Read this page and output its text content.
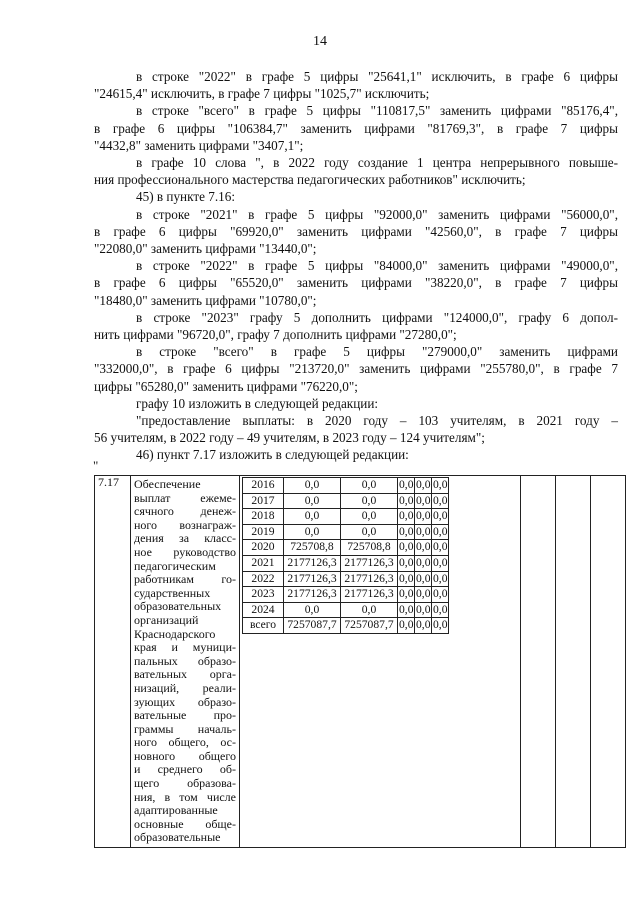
14

в строке "2022" в графе 5 цифры "25641,1" исключить, в графе 6 цифры

"24615,4" исключить, в графе 7 цифры "1025,7" исключить;

в строке "всего" в графе 5 цифры "110817,5" заменить цифрами "85176,4",

в графе 6 цифры "106384,7" заменить цифрами "81769,3", в графе 7 цифры

"4432,8" заменить цифрами "3407,1";

в графе 10 слова ", в 2022 году создание 1 центра непрерывного повыше-

ния профессионального мастерства педагогических работников" исключить;

45) в пункте 7.16:

в строке "2021" в графе 5 цифры "92000,0" заменить цифрами "56000,0",

в графе 6 цифры "69920,0" заменить цифрами "42560,0", в графе 7 цифры

"22080,0" заменить цифрами "13440,0";

в строке "2022" в графе 5 цифры "84000,0" заменить цифрами "49000,0",

в графе 6 цифры "65520,0" заменить цифрами "38220,0", в графе 7 цифры

"18480,0" заменить цифрами "10780,0";

в строке "2023" графу 5 дополнить цифрами "124000,0", графу 6 допол-

нить цифрами "96720,0", графу 7 дополнить цифрами "27280,0";

в строке "всего" в графе 5 цифры "279000,0" заменить цифрами

"332000,0", в графе 6 цифры "213720,0" заменить цифрами "255780,0", в графе 7

цифры "65280,0" заменить цифрами "76220,0";

графу 10 изложить в следующей редакции:

"предоставление выплаты: в 2020 году – 103 учителям, в 2021 году –

56 учителям, в 2022 году – 49 учителям, в 2023 году – 124 учителям";

46) пункт 7.17 изложить в следующей редакции:

"
7.17	Обеспечение
выплат ежеме-
сячного денеж-
ного вознаграж-
дения за класс-
ное руководство
педагогическим
работникам го-
сударственных
образовательных
организаций
Краснодарского
края и муници-
пальных образо-
вательных орга-
низаций, реали-
зующих образо-
вательные про-
граммы началь-
ного общего, ос-
новного общего
и среднего об-
щего образова-
ния, в том числе
адаптированные
основные обще-
образовательные

2016	0,0	0,0	0,0	0,0	0,0
2017	0,0	0,0	0,0	0,0	0,0
2018	0,0	0,0	0,0	0,0	0,0
2019	0,0	0,0	0,0	0,0	0,0
2020	725708,8	725708,8	0,0	0,0	0,0
2021	2177126,3	2177126,3	0,0	0,0	0,0
2022	2177126,3	2177126,3	0,0	0,0	0,0
2023	2177126,3	2177126,3	0,0	0,0	0,0
2024	0,0	0,0	0,0	0,0	0,0
всего	7257087,7	7257087,7	0,0	0,0	0,0
